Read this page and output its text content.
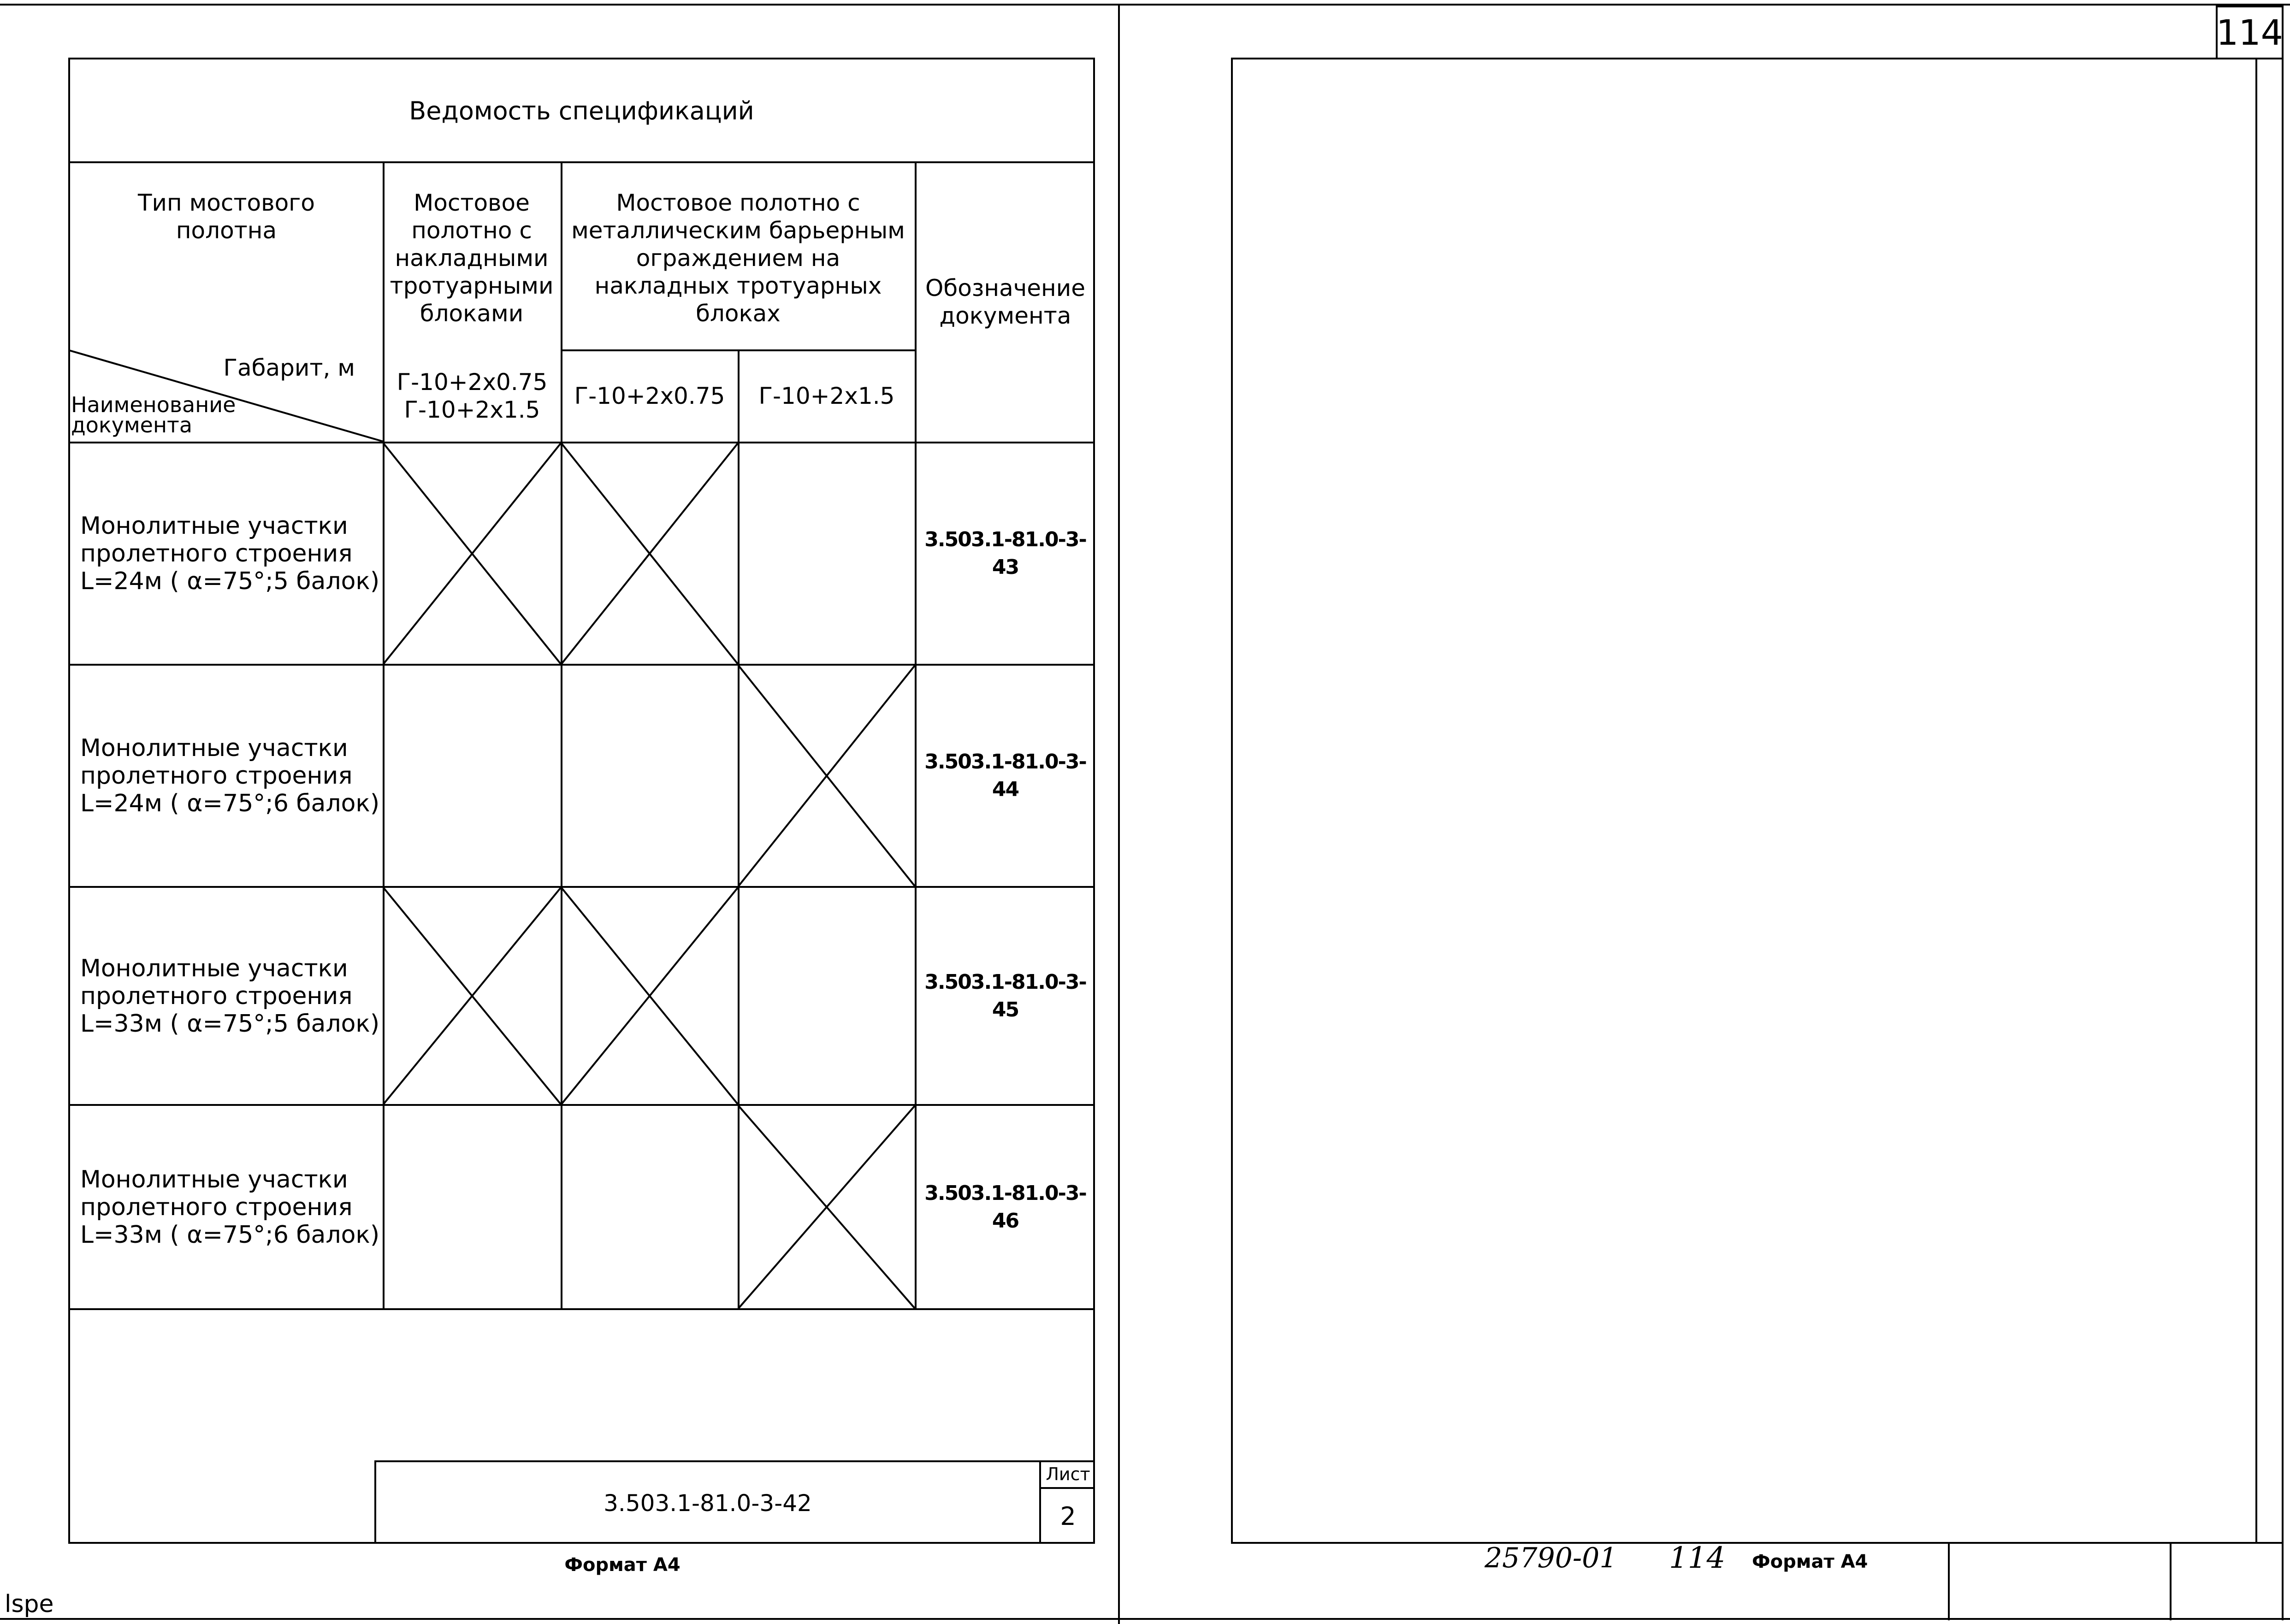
Ведомость спецификаций
Тип мостового
полотна
Мостовое
полотно с
накладными
тротуарными
блоками
Мостовое полотно с
металлическим барьерным
ограждением на
накладных тротуарных
блоках
Обозначение
документа
Габарит, м
Наименование
документа
Г-10+2х0.75
Г-10+2х1.5
Г-10+2х0.75	Г-10+2х1.5
Монолитные участки
пролетного строения
L=24м ( α=75°;5 балок)
3.503.1-81.0-3-43
Монолитные участки
пролетного строения
L=24м ( α=75°;6 балок)
3.503.1-81.0-3-44
Монолитные участки
пролетного строения
L=33м ( α=75°;5 балок)
3.503.1-81.0-3-45
Монолитные участки
пролетного строения
L=33м ( α=75°;6 балок)
3.503.1-81.0-3-46
3.503.1-81.0-3-42
Лист
2
Формат А4
114
25790-01 114 Формат А4
lspe
